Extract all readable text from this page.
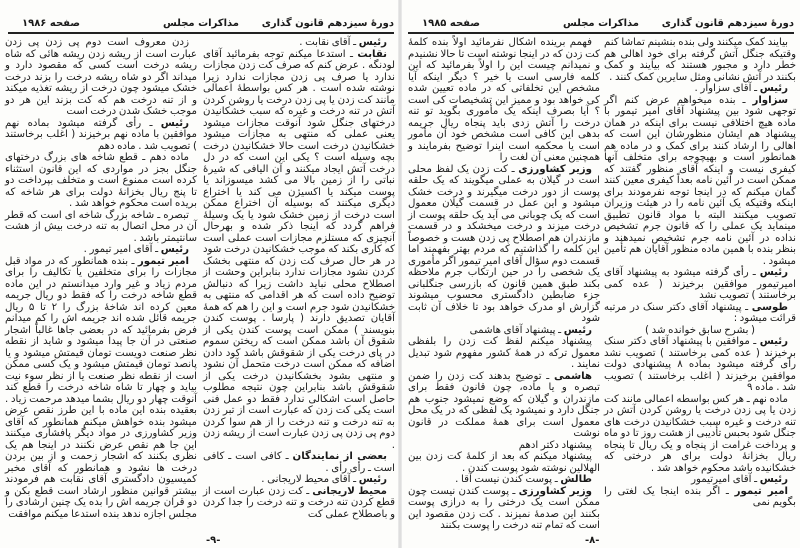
دورهٔ سیزدهم قانون گذاری
مذاکرات مجلس
صفحه ۱۹۸۶

رئیس ـ آقای نقابت .

نقابت ـ استدعا میکنم توجه بفرمائید آقای لودنگه . عرض کنم که صرف کت زدن مجازات ندارد یا صرف پی زدن مجازات ندارد زیرا نوشته شده است . هر کس بواسطهٔ اعمالی مانند کت زدن یا پی زدن درخت یا روشن کردن آتش در تنه درخت و غیره که سبب خشکانیدن درختهای جنگل شود آنوقت مجازات میشود یعنی عملی که منتهی به مجازات میشود خشکانیدن درخت است حالا خشکانیدن درخت بچه وسیله است ؟ یکی این است که در دل درخت آتش ایجاد میکنند و آن الیافی که شیرهٔ نباتی را از زمین بالا می کشد میسوزاند یا پوست میکند یا اکسیژن می کند یا اختراع دیگری میکنند که بوسیله آن اختراع ممکن است درخت از زمین خشک شود یا یک وسیلهٔ فراهم گردد که اینجا ذکر شده و بهرحال آنچیزی که مستلزم مجازات است عملی است که کاری بکند که موجب خشکانیدن درخت شود در هر حال صرف کت زدن که منتهی بخشک کردن نشود مجازات ندارد بنابراین وحشت از اصطلاح محلی نباید داشت زیرا که دنبالش توضیح داده است که هر اقدامی که منتهی به خشکانیدن شود جرم است و این را هم که همهٔ آقایان تصدیق دارند ( پارسا . پوست کندن بنویسند ) ممکن است پوست کندن یکی از شقوق آن باشد ممکن است که ریختن سموم در پای درخت یکی از شقوقش باشد کود دادن اضافه که ممکن است درخت متحمل آن نشود و منتهی بشود بخشکانیدن درخت یکی از شقوقش باشد بنابراین چون نتیجه مطلوب حاصل است اشکالی ندارد فقط دو عمل فنی است یکی کت زدن که عبارت است از تبر زدن به تنه درخت و تنه درخت را از هم سوا کردن دوم پی زدن پی زدن عبارت است از ریشه زدن .

بعضی از نمایندگان ـ کافی است ـ کافی است ـ رأی رأی .

رئیس ـ آقای محیط لاریجانی .

محیط لاریجانی ـ کت زدن عبارت است از قطع کردن تنه درخت و تنه درخت را جدا کردن و باصطلاح عملی کت

زدن معروف است دوم پی زدن پی زدن عبارت است از ریشه زدن ریشه هائی که شاه ریشه درخت است کسی که مقصود دارد و میداند اگر دو شاه ریشه درخت را بزند درخت خشک میشود چون درخت از ریشه تغذیه میکند و از تنه درخت هم که کت بزند این هر دو موجب خشک شدن درخت است

رئیس ـ رأی گرفته میشود بماده نهم موافقین با ماده نهم برخیزند ( اغلب برخاستند ) تصویب شد . ماده دهم

ماده دهم ـ قطع شاخه های بزرگ درختهای جنگل بجز در مواردی که این قانون استثناء کرده است ممنوع است و متخلف بپرداخت دو تا پنج ریال بخزانهٔ دولت برای هر شاخه که بریده است محکوم خواهد شد .

تبصره ـ شاخه بزرگ شاخه ای است که قطر آن در محل اتصال به تنه درخت بیش از هشت سانتیمتر باشد .

رئیس ـ آقای امیر تیمور .

امیر تیمور ـ بنده همانطور که در مواد قبل مجازات را برای متخلفین یا تکالیف را برای مردم زیاد و غیر وارد میدانستم در این ماده قطع شاخه درخت را که فقط دو ریال جریمه معین کرده اند شاخهٔ بزرگ را ۲ تا ۵ ریال جریمه قائل شده اند جریمه اش را کم میدانم فرض بفرمائید که در بعضی جاها غالباً اشجار صنعتی در آن جا پیدا میشود و شاید از نقطه نظر صنعت دویست تومان قیمتش میشود و یا پانصد تومان قیمتش میشود و یک کسی ممکن است از نقطه نظر صنعت یا از نظر سوء نیت بیاید و چهار تا شاه شاخه درخت را قطع کند آنوقت چهار دو ریال بشما میدهد مرحمت زیاد . بعقیده بنده این ماده با این طرز نقص عرض میشود بنده خواهش میکنم همانطور که آقای وزیر کشاورزی در مواد دیگر پافشاری میکنند این جا هم نقص عرض نکنند در اینجا هم یک نظری بکنند که اشجار زحمت و از بین بردن درخت ها نشود و همانطور که آقای مخبر کمیسیون دادگستری آقای نقابت هم فرمودند بیشتر قوانین منظور ارشاد است قطع بکن و دو قران جریمه اش را بده یک چنین ارشادی را مجلس اجازه ندهد بنده استدعا میکنم موافقت

-۹-
دورهٔ سیزدهم قانون گذاری
مذاکرات مجلس
صفحه ۱۹۸۵

بیایند کمک میکنند ولی بنده بنشینم تماشا کنم وقتیکه جنگل آتش گرفته برای خود اهالی هم خطر دارد و مجبور هستند که بیایند و کمک بکنند در آتش نشانی ومثل سایرین کمک کنند .

رئیس ـ آقای سزاوار .

سزاوار ـ بنده میخواهم عرض کنم اگر توجهی شود بین پیشنهاد آقای امیر تیمور با ماده هیچ اختلافی نیست برای اینکه در همان پیشنهاد هم ایشان منظورشان این است که اهالی را ارشاد کنند برای کمک و در ماده هم همانطور است و بهیچوجه برای متخلف آنها کیفری نیست و اینکه آقای منظور گفتند که ممکن است در آئین نامه بعداً کیفری معین کنند گمان میکنم که در اینجا توجه نفرمودند برای اینکه وقتیکه یک آئین نامه را در هیئت وزیران تصویب میکنند البته با مواد قانون تطبیق مینماید یک عملی را که قانون جرم تشخیص نداده در آئین نامه جرم تشخیص نمیدهند و بنظر بنده با همین ماده منظور آقایان هم تأمین میشود .

رئیس ـ رأی گرفته میشود به پیشنهاد آقای امیرتیمور موافقین برخیزند ( عده کمی برخاستند ) تصویب نشد

طوسی ـ پیشنهاد آقای دکتر سنک در مرتبه قرائت میشود :

( بشرح سابق خوانده شد )

رئیس ـ موافقین با پیشنهاد آقای دکتر سنک برخیزند ( عده کمی برخاستند ) تصویب نشد رأی گرفته میشود بماده ۸ پیشنهادی دولت موافقین برخیزند ( اغلب برخاستند ) تصویب شد . ماده ۹

ماده نهم ـ هر کس بواسطه اعمالی مانند کت زدن یا پی زدن درخت یا روشن کردن آتش در تنه درخت و غیره سبب خشکانیدن درخت های جنگل شود بحبس تأدیبی از هشت روز تا دو ماه و پرداخت غرامت از پنجاه و یک ریال تا پنجاه ریال بخزانهٔ دولت برای هر درختی که خشکانیده باشد محکوم خواهد شد .

رئیس ـ آقای امیرتیمور

امیر تیمور ـ اگر بنده اینجا یک لغتی را بگویم نمی

فهمم برینده اشکال نفرمائید اولاً بنده کلمهٔ کت زدن که در اینجا نوشته است تا حالا نشنیدم و نمیدانم چیست این را اولاً بفرمائید که این کلمه فارسی است یا خیر ؟ دیگر اینکه آیا مشخص این تخلفاتی که در ماده تعیین شده کی خواهد بود و ممیز این تشخیصات کی است ؟ آیا بصرف اینکه یک مأموری بگوید تو تنه درخت را آتش زدی باید پنجاه ریال جریمه بدهی این کافی است مشخص خود آن مأمور است یا محکمه است اینرا توضیح بفرمایند و همچنین معنی آن لغت را

وزیر کشاورزی ـ کت زدن یک لفظ محلی است در گیلان به عملی میگویند که یک حلقه پوست از دور درخت میگیرند و درخت خشک میشود و این عمل در قسمت گیلان معمول است که یک چوبانی می آید یک حلقه پوست از درخت میزند و درخت میخشکد و در قسمت مازندران هم اصطلاح پی زدن هست و خصوصاً این کلمه را گذاشتیم که مردم بهتر بفهمند اما قسمت دوم سؤال آقای امیر تیمور اگر مأموری یک شخصی را در حین ارتکاب جرم ملاحظه بکند طبق همین قانون که بازرسی جنگلبانی جزء ضابطین دادگستری محسوب میشوند گزارش او مدرک خواهد بود تا خلاف آن ثابت شود

رئیس ـ پیشنهاد آقای هاشمی

پیشنهاد میکنم لفظ کت زدن را بلفظی معمول ترکه در همهٔ کشور مفهوم شود تبدیل نمایند .

هاشمی ـ توضیح بدهند کت زدن را ضمن تبصره و یا ماده، چون قانون فقط برای مازندران و گیلان که وضع نمیشود جنوب هم جنگل دارد و نمیشود یک لفظی که در یک محل معمول است برای همهٔ مملکت در قانون نوشت

پیشنهاد دکتر ادهم

پیشنهاد میکنم که بعد از کلمهٔ کت زدن بین الهلالین نوشته شود پوست کندن .

طالش ـ پوست کندن نیست آقا .

وزیر کشاورزی ـ پوست کندن نیست چون ممکن است یک درختی را به درازی پوست بکنند این صدمهٔ نمیزند . کت زدن مقصود این است که تمام تنه درخت را پوست بکنند

-۸-
